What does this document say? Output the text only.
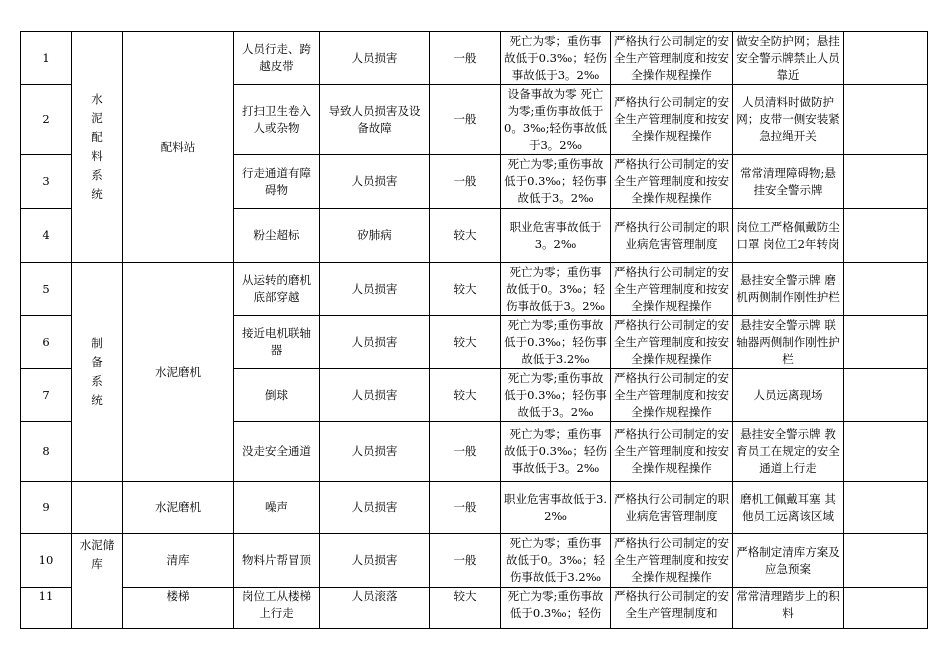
1	水泥配料系统	配料站	人员行走、跨越皮带	人员损害	一般	死亡为零；重伤事故低于0.3‰；轻伤事故低于3。2‰	严格执行公司制定的安全生产管理制度和按安全操作规程操作	做安全防护网；悬挂安全警示牌禁止人员靠近	
2			打扫卫生卷入人或杂物	导致人员损害及设备故障	一般	设备事故为零 死亡为零;重伤事故低于0。3‰;轻伤事故低于3。2‰	严格执行公司制定的安全生产管理制度和按安全操作规程操作	人员清料时做防护网；皮带一侧安装紧急拉绳开关	
3			行走通道有障碍物	人员损害	一般	死亡为零;重伤事故低于0.3‰；轻伤事故低于3。2‰	严格执行公司制定的安全生产管理制度和按安全操作规程操作	常常清理障碍物;悬挂安全警示牌	
4			粉尘超标	矽肺病	较大	职业危害事故低于3。2‰	严格执行公司制定的职业病危害管理制度	岗位工严格佩戴防尘口罩 岗位工2年转岗	
5	制备系统	水泥磨机	从运转的磨机底部穿越	人员损害	较大	死亡为零；重伤事故低于0。3‰；轻伤事故低于3。2‰	严格执行公司制定的安全生产管理制度和按安全操作规程操作	悬挂安全警示牌 磨机两侧制作刚性护栏	
6			接近电机联轴器	人员损害	较大	死亡为零;重伤事故低于0.3‰；轻伤事故低于3.2‰	严格执行公司制定的安全生产管理制度和按安全操作规程操作	悬挂安全警示牌 联轴器两侧制作刚性护栏	
7			倒球	人员损害	较大	死亡为零;重伤事故低于0.3‰；轻伤事故低于3。2‰	严格执行公司制定的安全生产管理制度和按安全操作规程操作	人员远离现场	
8			没走安全通道	人员损害	一般	死亡为零；重伤事故低于0.3‰；轻伤事故低于3。2‰	严格执行公司制定的安全生产管理制度和按安全操作规程操作	悬挂安全警示牌 教育员工在规定的安全通道上行走	
9		水泥磨机	噪声	人员损害	一般	职业危害事故低于3.2‰	严格执行公司制定的职业病危害管理制度	磨机工佩戴耳塞 其他员工远离该区域	
10	水泥储库	清库	物料片帮冒顶	人员损害	一般	死亡为零；重伤事故低于0。3‰；轻伤事故低于3.2‰	严格执行公司制定的安全生产管理制度和按安全操作规程操作	严格制定清库方案及应急预案	
11		楼梯	岗位工从楼梯上行走	人员滚落	较大	死亡为零;重伤事故低于0.3‰；轻伤	严格执行公司制定的安全生产管理制度和	常常清理踏步上的积料	
